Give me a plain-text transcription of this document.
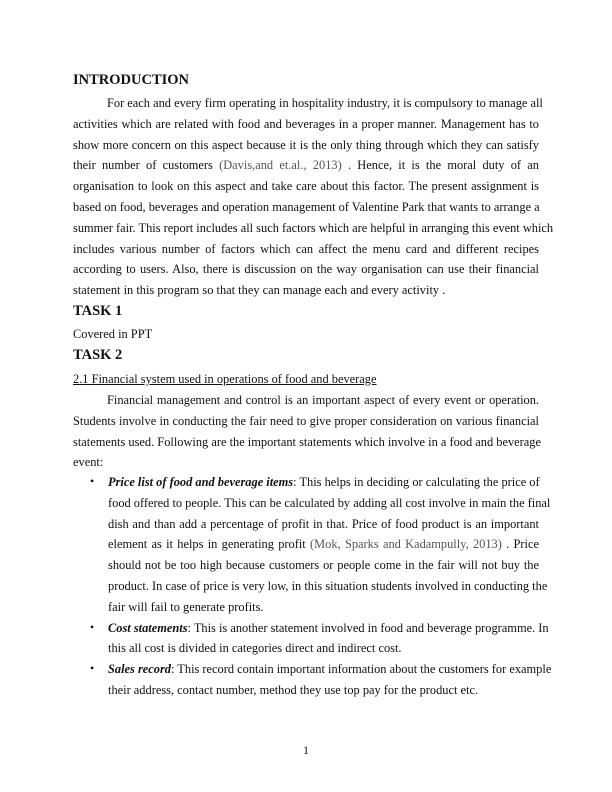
INTRODUCTION
For each and every firm operating in hospitality industry, it is compulsory to manage all
activities which are related with food and beverages in a proper manner. Management has to
show more concern on this aspect because it is the only thing through which they can satisfy
their number of customers (Davis,and et.al., 2013) . Hence, it is the moral duty of an
organisation to look on this aspect and take care about this factor. The present assignment is
based on food, beverages and operation management of Valentine Park that wants to arrange a
summer fair. This report includes all such factors which are helpful in arranging this event which
includes various number of factors which can affect the menu card and different recipes
according to users. Also, there is discussion on the way organisation can use their financial
statement in this program so that they can manage each and every activity .
TASK 1
Covered in PPT
TASK 2
2.1 Financial system used in operations of food and beverage
Financial management and control is an important aspect of every event or operation.
Students involve in conducting the fair need to give proper consideration on various financial
statements used. Following are the important statements which involve in a food and beverage
event:
• Price list of food and beverage items: This helps in deciding or calculating the price of
food offered to people. This can be calculated by adding all cost involve in main the final
dish and than add a percentage of profit in that. Price of food product is an important
element as it helps in generating profit (Mok, Sparks and Kadampully, 2013) . Price
should not be too high because customers or people come in the fair will not buy the
product. In case of price is very low, in this situation students involved in conducting the
fair will fail to generate profits.
• Cost statements: This is another statement involved in food and beverage programme. In
this all cost is divided in categories direct and indirect cost.
• Sales record: This record contain important information about the customers for example
their address, contact number, method they use top pay for the product etc.
1
